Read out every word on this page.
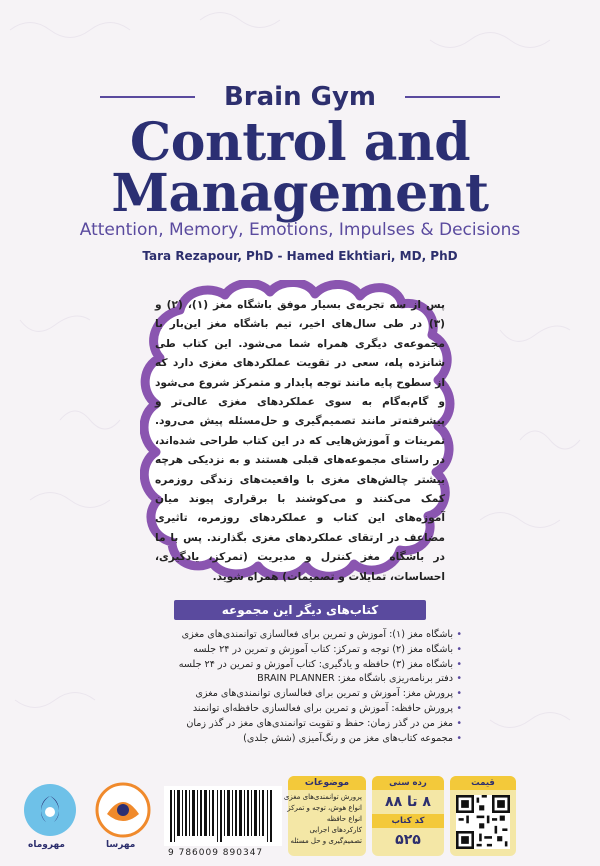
Brain Gym
Control and
Management
Attention, Memory, Emotions, Impulses & Decisions
Tara Rezapour, PhD - Hamed Ekhtiari, MD, PhD
پس از سه تجربه‌ی بسیار موفق باشگاه مغز (۱)، (۲) و (۳) در طی سال‌های اخیر، تیم باشگاه مغز این‌بار با مجموعه‌ی دیگری همراه شما می‌شود. این کتاب طی شانزده پله، سعی در تقویت عملکردهای مغزی دارد که از سطوح پایه مانند توجه پایدار و متمرکز شروع می‌شود و گام‌به‌گام به سوی عملکردهای مغزی عالی‌تر و پیشرفته‌تر مانند تصمیم‌گیری و حل‌مسئله پیش می‌رود. تمرینات و آموزش‌هایی که در این کتاب طراحی شده‌اند، در راستای مجموعه‌های قبلی هستند و به نزدیکی هرچه بیشتر چالش‌های مغزی با واقعیت‌های زندگی روزمره کمک می‌کنند و می‌کوشند با برقراری پیوند میان آموزه‌های این کتاب و عملکردهای روزمره، تاثیری مضاعف در ارتقای عملکردهای مغزی بگذارند. پس با ما در باشگاه مغز کنترل و مدیریت (تمرکز، یادگیری، احساسات، تمایلات و تصمیمات) همراه شوید.
کتاب‌های دیگر این مجموعه
• باشگاه مغز (۱): آموزش و تمرین برای فعالسازی توانمندی‌های مغزی
• باشگاه مغز (۲) توجه و تمرکز: کتاب آموزش و تمرین در ۲۴ جلسه
• باشگاه مغز (۳) حافظه و یادگیری: کتاب آموزش و تمرین در ۲۴ جلسه
• دفتر برنامه‌ریزی باشگاه مغز: BRAIN PLANNER
• پرورش مغز: آموزش و تمرین برای فعالسازی توانمندی‌های مغزی
• پرورش حافظه: آموزش و تمرین برای فعالسازی حافظه‌ای توانمند
• مغز من در گذر زمان: حفظ و تقویت توانمندی‌های مغز در گذر زمان
• مجموعه کتاب‌های مغز من و رنگ‌آمیزی (شش جلدی)
مهروماه	مهرسا
9 786009 890347
موضوعات
پرورش توانمندی‌های مغزی
انواع هوش، توجه و تمرکز
انواع حافظه
کارکردهای اجرایی
تصمیم‌گیری و حل مسئله
رده سنی
۸ تا ۸۸
کد کتاب
۵۲۵
قیمت
